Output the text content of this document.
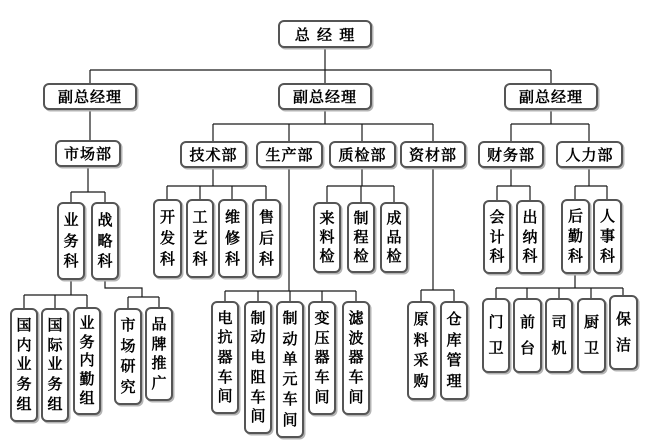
总 经 理
副总经理	副总经理	副总经理
市场部	技术部	生产部	质检部	资材部	财务部	人力部
业
务
科
战
略
科
开
发
科
工
艺
科
维
修
科
售
后
科
来
料
检
制
程
检
成
品
检
会
计
科
出
纳
科
后
勤
科
人
事
科
国
内
业
务
组
国
际
业
务
组
业
务
内
勤
组
市
场
研
究
品
牌
推
广
电
抗
器
车
间
制
动
电
阻
车
间
制
动
单
元
车
间
变
压
器
车
间
滤
波
器
车
间
原
料
采
购
仓
库
管
理
门
卫
前
台
司
机
厨
卫
保
洁
